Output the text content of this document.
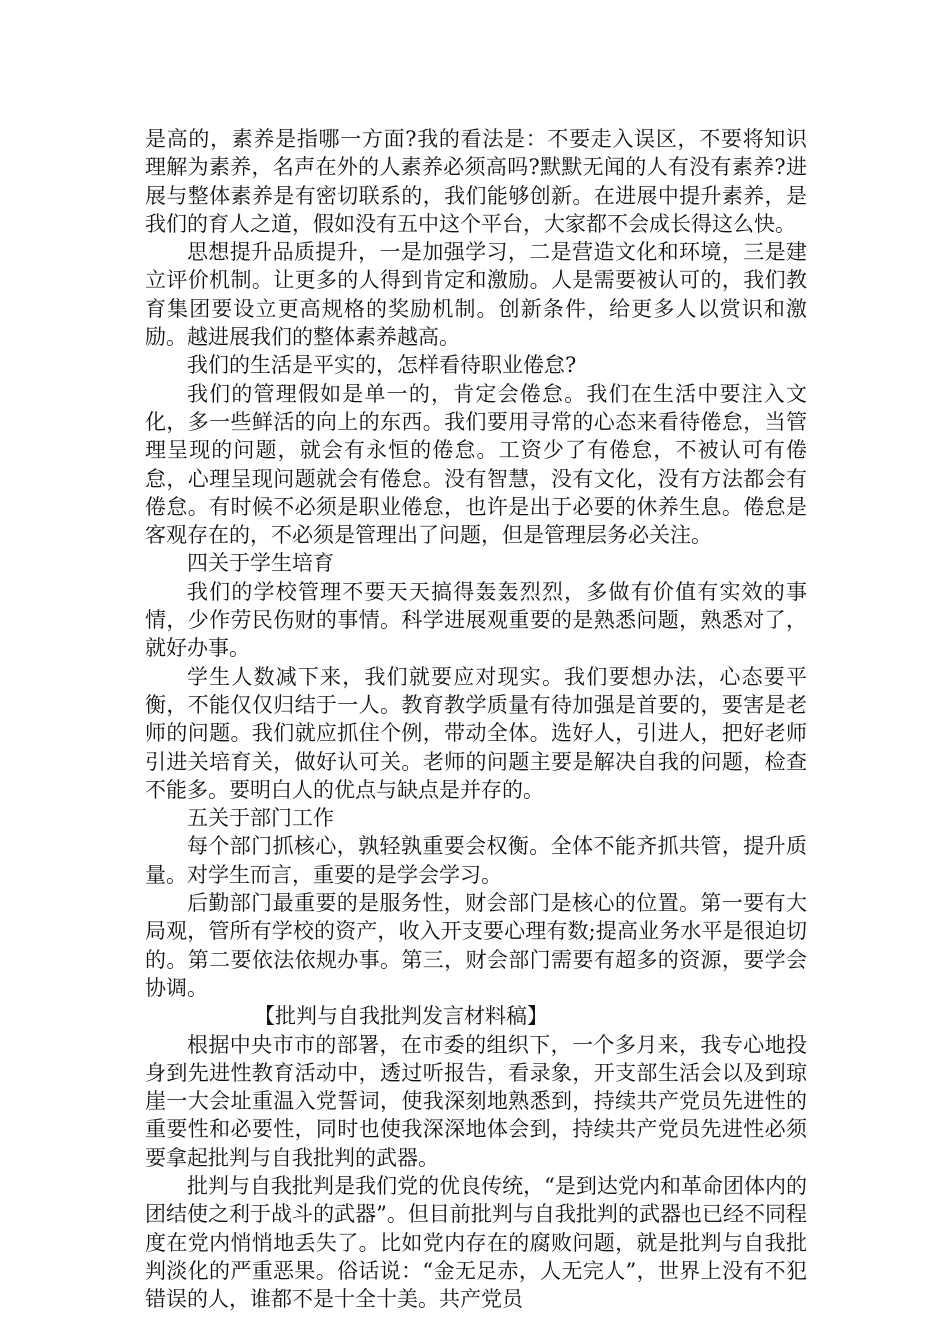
是高的，素养是指哪一方面?我的看法是：不要走入误区，不要将知识理解为素养，名声在外的人素养必须高吗?默默无闻的人有没有素养?进展与整体素养是有密切联系的，我们能够创新。在进展中提升素养，是我们的育人之道，假如没有五中这个平台，大家都不会成长得这么快。

思想提升品质提升，一是加强学习，二是营造文化和环境，三是建立评价机制。让更多的人得到肯定和激励。人是需要被认可的，我们教育集团要设立更高规格的奖励机制。创新条件，给更多人以赏识和激励。越进展我们的整体素养越高。

我们的生活是平实的，怎样看待职业倦怠?

我们的管理假如是单一的，肯定会倦怠。我们在生活中要注入文化，多一些鲜活的向上的东西。我们要用寻常的心态来看待倦怠，当管理呈现的问题，就会有永恒的倦怠。工资少了有倦怠，不被认可有倦怠，心理呈现问题就会有倦怠。没有智慧，没有文化，没有方法都会有倦怠。有时候不必须是职业倦怠，也许是出于必要的休养生息。倦怠是客观存在的，不必须是管理出了问题，但是管理层务必关注。

四关于学生培育

我们的学校管理不要天天搞得轰轰烈烈，多做有价值有实效的事情，少作劳民伤财的事情。科学进展观重要的是熟悉问题，熟悉对了，就好办事。

学生人数减下来，我们就要应对现实。我们要想办法，心态要平衡，不能仅仅归结于一人。教育教学质量有待加强是首要的，要害是老师的问题。我们就应抓住个例，带动全体。选好人，引进人，把好老师引进关培育关，做好认可关。老师的问题主要是解决自我的问题，检查不能多。要明白人的优点与缺点是并存的。

五关于部门工作

每个部门抓核心，孰轻孰重要会权衡。全体不能齐抓共管，提升质量。对学生而言，重要的是学会学习。

后勤部门最重要的是服务性，财会部门是核心的位置。第一要有大局观，管所有学校的资产，收入开支要心理有数;提高业务水平是很迫切的。第二要依法依规办事。第三，财会部门需要有超多的资源，要学会协调。

【批判与自我批判发言材料稿】

根据中央市市的部署，在市委的组织下，一个多月来，我专心地投身到先进性教育活动中，透过听报告，看录象，开支部生活会以及到琼崖一大会址重温入党誓词，使我深刻地熟悉到，持续共产党员先进性的重要性和必要性，同时也使我深深地体会到，持续共产党员先进性必须要拿起批判与自我批判的武器。

批判与自我批判是我们党的优良传统，“是到达党内和革命团体内的团结使之利于战斗的武器”。但目前批判与自我批判的武器也已经不同程度在党内悄悄地丢失了。比如党内存在的腐败问题，就是批判与自我批判淡化的严重恶果。俗话说：“金无足赤，人无完人”，世界上没有不犯错误的人，谁都不是十全十美。共产党员
